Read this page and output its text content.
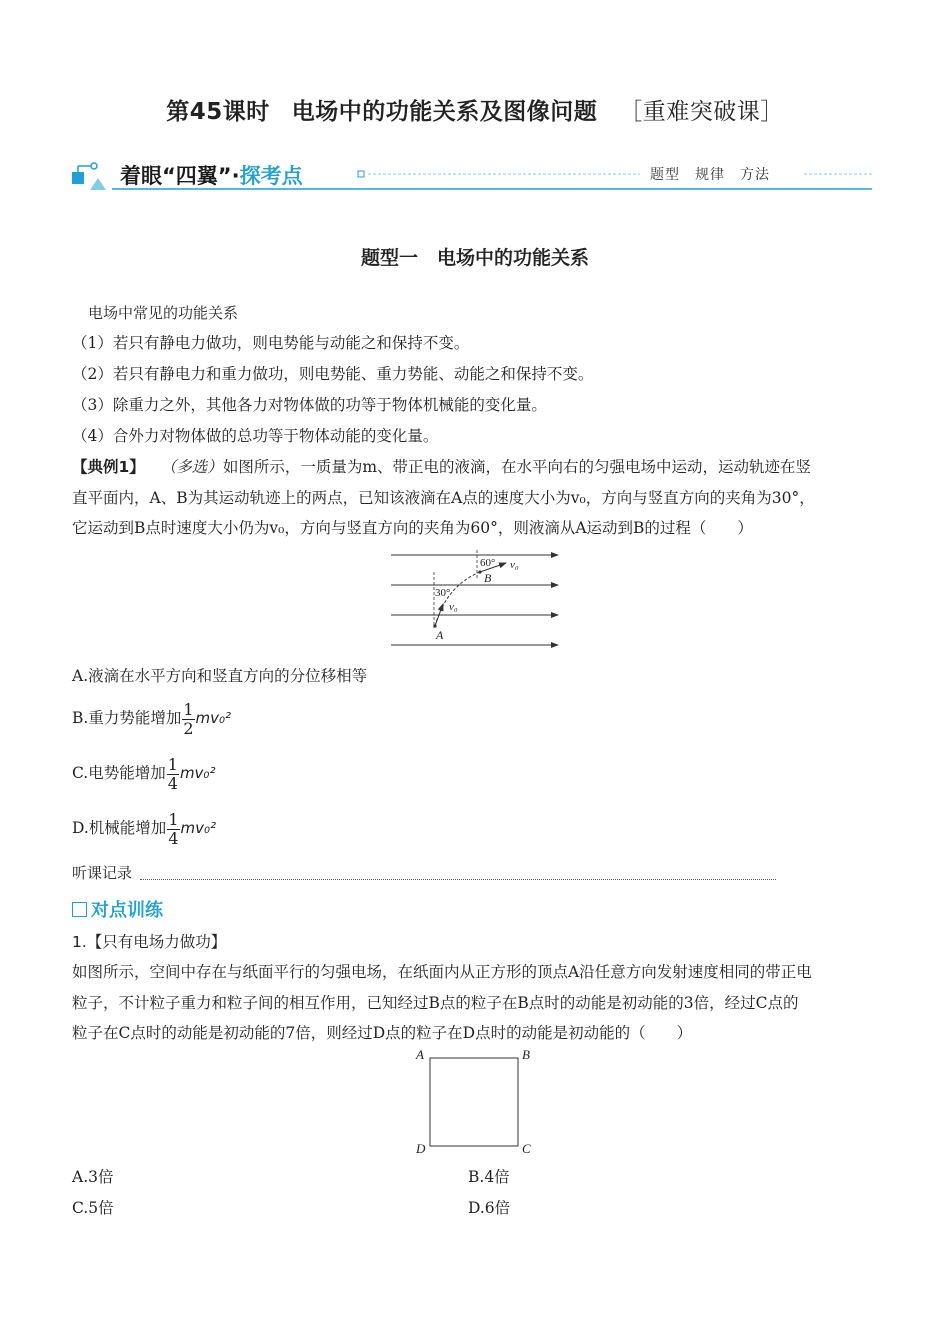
第45课时 电场中的功能关系及图像问题 ［重难突破课］
着眼“四翼”·探考点	题型　规律　方法
题型一　电场中的功能关系
电场中常见的功能关系
（1）若只有静电力做功，则电势能与动能之和保持不变。
（2）若只有静电力和重力做功，则电势能、重力势能、动能之和保持不变。
（3）除重力之外，其他各力对物体做的功等于物体机械能的变化量。
（4）合外力对物体做的总功等于物体动能的变化量。
【典例1】 （多选）如图所示，一质量为m、带正电的液滴，在水平向右的匀强电场中运动，运动轨迹在竖
直平面内，A、B为其运动轨迹上的两点，已知该液滴在A点的速度大小为v₀，方向与竖直方向的夹角为30°，
它运动到B点时速度大小仍为v₀，方向与竖直方向的夹角为60°，则液滴从A运动到B的过程（　　）
60° v₀
B
30°
v₀
A
A.液滴在水平方向和竖直方向的分位移相等
B.重力势能增加 $\frac{1}{2} mv_0^2$
C.电势能增加 $\frac{1}{4} mv_0^2$
D.机械能增加 $\frac{1}{4} mv_0^2$
听课记录
对点训练
1.【只有电场力做功】
如图所示，空间中存在与纸面平行的匀强电场，在纸面内从正方形的顶点A沿任意方向发射速度相同的带正电
粒子，不计粒子重力和粒子间的相互作用，已知经过B点的粒子在B点时的动能是初动能的3倍，经过C点的
粒子在C点时的动能是初动能的7倍，则经过D点的粒子在D点时的动能是初动能的（　　）
A	B
D	C
A.3倍	B.4倍
C.5倍	D.6倍
